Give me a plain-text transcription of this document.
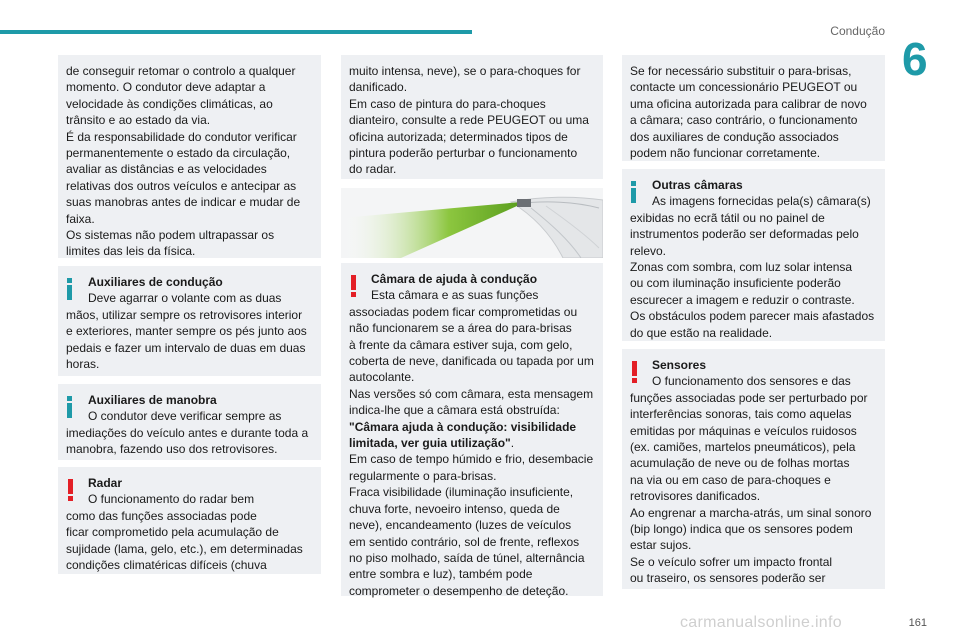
Condução
6

de conseguir retomar o controlo a qualquer

momento. O condutor deve adaptar a

velocidade às condições climáticas, ao

trânsito e ao estado da via.

É da responsabilidade do condutor verificar

permanentemente o estado da circulação,

avaliar as distâncias e as velocidades

relativas dos outros veículos e antecipar as

suas manobras antes de indicar e mudar de

faixa.

Os sistemas não podem ultrapassar os

limites das leis da física.

Auxiliares de condução

Deve agarrar o volante com as duas

mãos, utilizar sempre os retrovisores interior

e exteriores, manter sempre os pés junto aos

pedais e fazer um intervalo de duas em duas

horas.

Auxiliares de manobra

O condutor deve verificar sempre as

imediações do veículo antes e durante toda a

manobra, fazendo uso dos retrovisores.

Radar

O funcionamento do radar bem

como das funções associadas pode

ficar comprometido pela acumulação de

sujidade (lama, gelo, etc.), em determinadas

condições climatéricas difíceis (chuva

muito intensa, neve), se o para-choques for

danificado.

Em caso de pintura do para-choques

dianteiro, consulte a rede PEUGEOT ou uma

oficina autorizada; determinados tipos de

pintura poderão perturbar o funcionamento

do radar.

Câmara de ajuda à condução

Esta câmara e as suas funções

associadas podem ficar comprometidas ou

não funcionarem se a área do para-brisas

à frente da câmara estiver suja, com gelo,

coberta de neve, danificada ou tapada por um

autocolante.

Nas versões só com câmara, esta mensagem

indica-lhe que a câmara está obstruída:

"Câmara ajuda à condução: visibilidade
limitada, ver guia utilização".

Em caso de tempo húmido e frio, desembacie

regularmente o para-brisas.

Fraca visibilidade (iluminação insuficiente,

chuva forte, nevoeiro intenso, queda de

neve), encandeamento (luzes de veículos

em sentido contrário, sol de frente, reflexos

no piso molhado, saída de túnel, alternância

entre sombra e luz), também pode

comprometer o desempenho de deteção.

Se for necessário substituir o para-brisas,

contacte um concessionário PEUGEOT ou

uma oficina autorizada para calibrar de novo

a câmara; caso contrário, o funcionamento

dos auxiliares de condução associados

podem não funcionar corretamente.

Outras câmaras

As imagens fornecidas pela(s) câmara(s)

exibidas no ecrã tátil ou no painel de

instrumentos poderão ser deformadas pelo

relevo.

Zonas com sombra, com luz solar intensa

ou com iluminação insuficiente poderão

escurecer a imagem e reduzir o contraste.

Os obstáculos podem parecer mais afastados

do que estão na realidade.

Sensores

O funcionamento dos sensores e das

funções associadas pode ser perturbado por

interferências sonoras, tais como aquelas

emitidas por máquinas e veículos ruidosos

(ex. camiões, martelos pneumáticos), pela

acumulação de neve ou de folhas mortas

na via ou em caso de para-choques e

retrovisores danificados.

Ao engrenar a marcha-atrás, um sinal sonoro

(bip longo) indica que os sensores podem

estar sujos.

Se o veículo sofrer um impacto frontal

ou traseiro, os sensores poderão ser

carmanualsonline.info	161
